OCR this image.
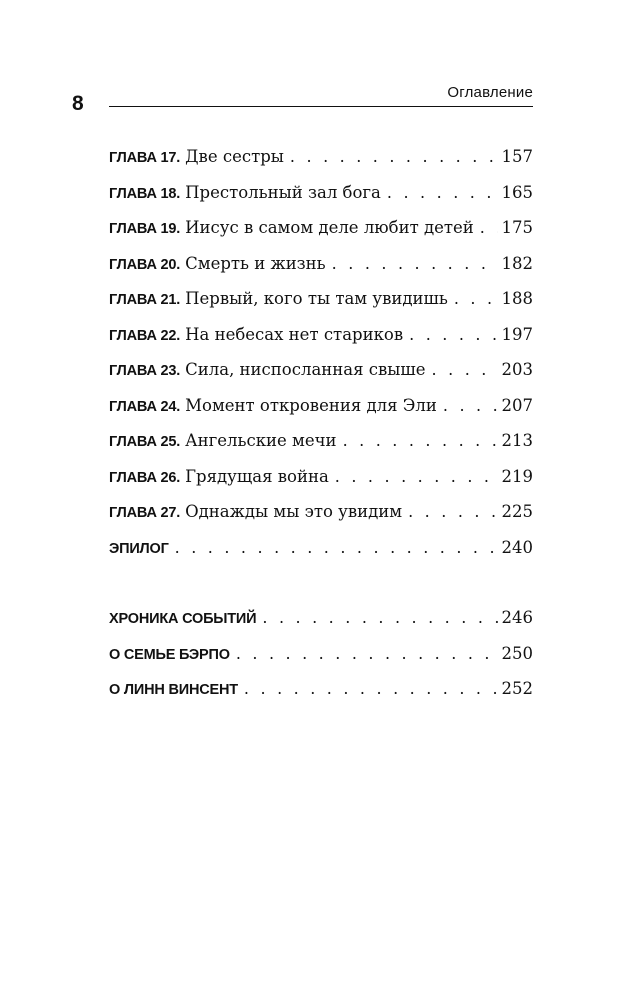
8	Оглавление
ГЛАВА 17. Две сестры . . .	157
ГЛАВА 18. Престольный зал бога . . .	165
ГЛАВА 19. Иисус в самом деле любит детей . . . 175
ГЛАВА 20. Смерть и жизнь . . .	182
ГЛАВА 21. Первый, кого ты там увидишь . . .	188
ГЛАВА 22. На небесах нет стариков . . .	197
ГЛАВА 23. Сила, ниспосланная свыше . . .	203
ГЛАВА 24. Момент откровения для Эли . . .	207
ГЛАВА 25. Ангельские мечи . . .	213
ГЛАВА 26. Грядущая война . . .	219
ГЛАВА 27. Однажды мы это увидим . . .	225
ЭПИЛОГ . . .	240
ХРОНИКА СОБЫТИЙ . . .	246
О СЕМЬЕ БЭРПО . . .	250
О ЛИНН ВИНСЕНТ . . .	252
